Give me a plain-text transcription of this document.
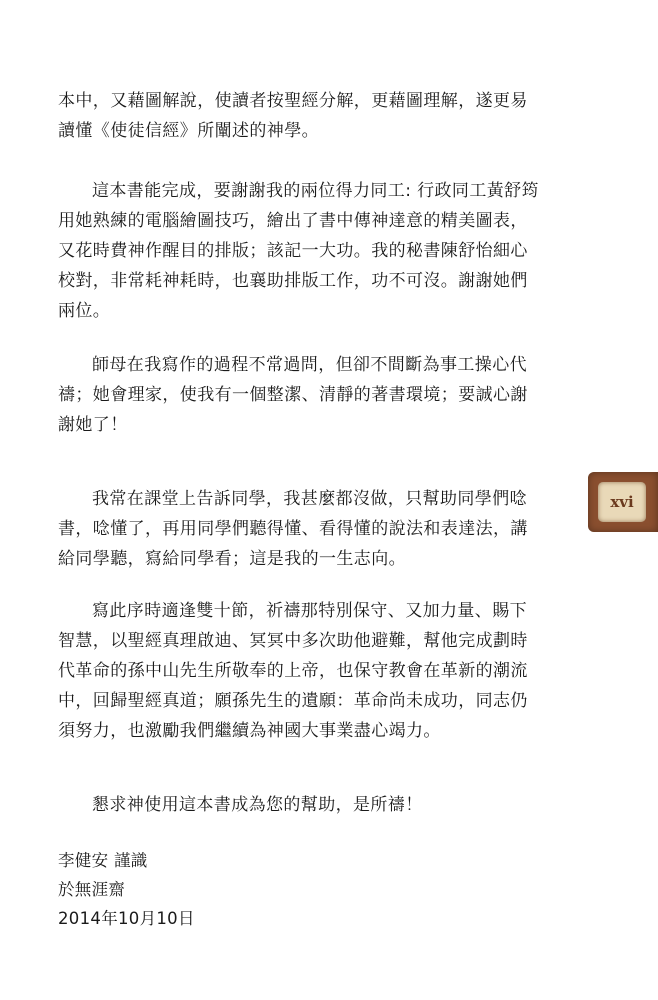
本中，又藉圖解說，使讀者按聖經分解，更藉圖理解，遂更易
讀懂《使徒信經》所闡述的神學。

這本書能完成，要謝謝我的兩位得力同工: 行政同工黃舒筠
用她熟練的電腦繪圖技巧，繪出了書中傳神達意的精美圖表，
又花時費神作醒目的排版；該記一大功。我的秘書陳舒怡細心
校對，非常耗神耗時，也襄助排版工作，功不可沒。謝謝她們
兩位。

師母在我寫作的過程不常過問，但卻不間斷為事工操心代
禱；她會理家，使我有一個整潔、清靜的著書環境；要誠心謝
謝她了！

我常在課堂上告訴同學，我甚麼都沒做，只幫助同學們唸
書，唸懂了，再用同學們聽得懂、看得懂的說法和表達法，講
給同學聽，寫給同學看；這是我的一生志向。

寫此序時適逢雙十節，祈禱那特別保守、又加力量、賜下
智慧，以聖經真理啟迪、冥冥中多次助他避難，幫他完成劃時
代革命的孫中山先生所敬奉的上帝，也保守教會在革新的潮流
中，回歸聖經真道；願孫先生的遺願：革命尚未成功，同志仍
須努力，也激勵我們繼續為神國大事業盡心竭力。

懇求神使用這本書成為您的幫助，是所禱！

李健安 謹識
於無涯齋
2014年10月10日
xvi
